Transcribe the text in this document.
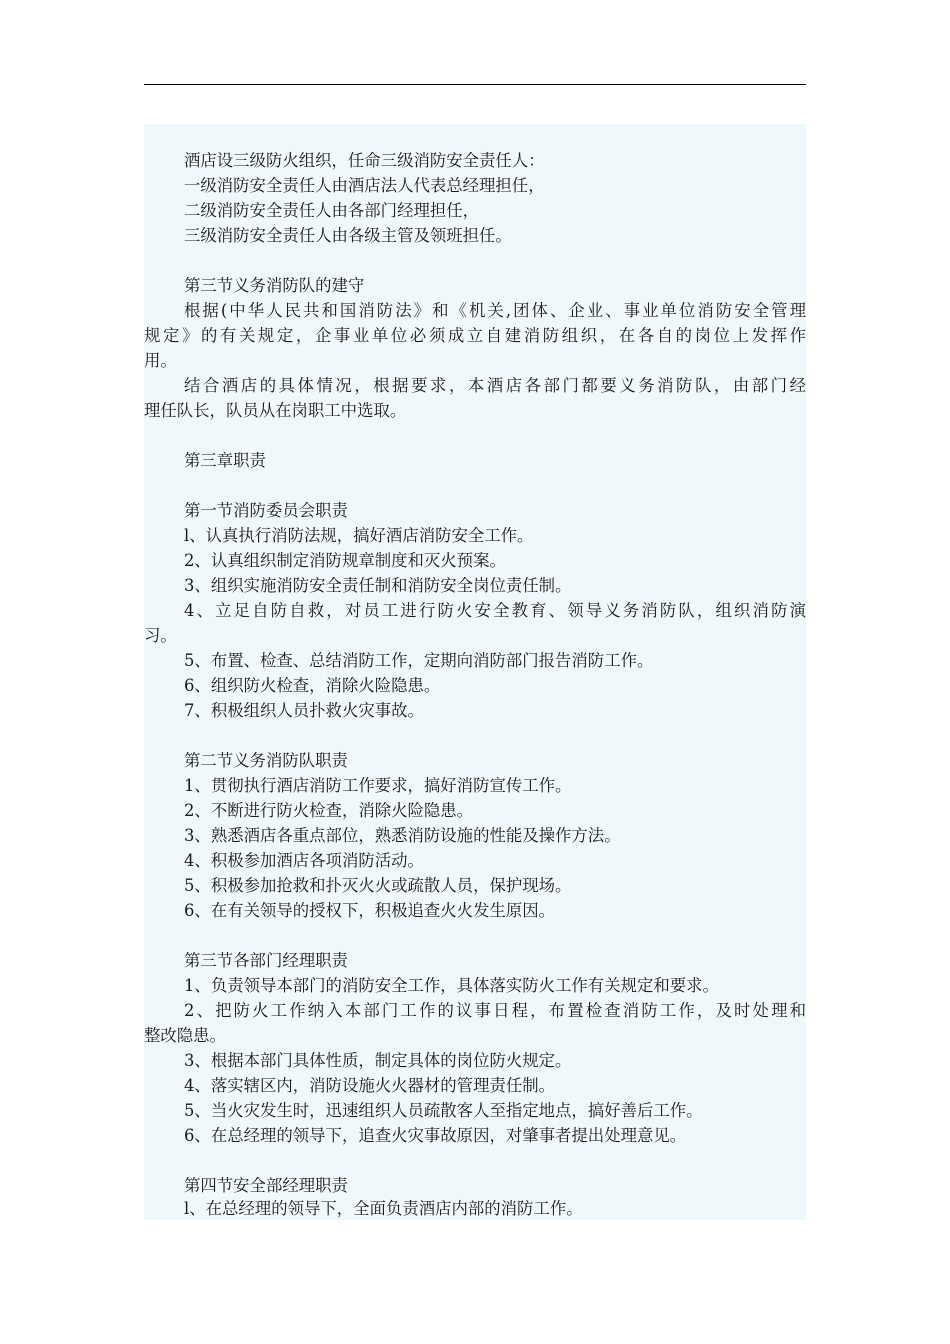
酒店设三级防火组织，任命三级消防安全责任人：
一级消防安全责任人由酒店法人代表总经理担任，
二级消防安全责任人由各部门经理担任，
三级消防安全责任人由各级主管及领班担任。
第三节义务消防队的建守
根据(中华人民共和国消防法》和《机关,团体、企业、事业单位消防安全管理
规定》的有关规定，企事业单位必须成立自建消防组织，在各自的岗位上发挥作
用。
结合酒店的具体情况，根据要求，本酒店各部门都要义务消防队，由部门经
理任队长，队员从在岗职工中选取。
第三章职责
第一节消防委员会职责
l、认真执行消防法规，搞好酒店消防安全工作。
2、认真组织制定消防规章制度和灭火预案。
3、组织实施消防安全责任制和消防安全岗位责任制。
4、立足自防自救，对员工进行防火安全教育、领导义务消防队，组织消防演
习。
5、布置、检查、总结消防工作，定期向消防部门报告消防工作。
6、组织防火检查，消除火险隐患。
7、积极组织人员扑救火灾事故。
第二节义务消防队职责
1、贯彻执行酒店消防工作要求，搞好消防宣传工作。
2、不断进行防火检查，消除火险隐患。
3、熟悉酒店各重点部位，熟悉消防设施的性能及操作方法。
4、积极参加酒店各项消防活动。
5、积极参加抢救和扑灭火火或疏散人员，保护现场。
6、在有关领导的授权下，积极追查火火发生原因。
第三节各部门经理职责
1、负责领导本部门的消防安全工作，具体落实防火工作有关规定和要求。
2、把防火工作纳入本部门工作的议事日程，布置检查消防工作，及时处理和
整改隐患。
3、根据本部门具体性质，制定具体的岗位防火规定。
4、落实辖区内，消防设施火火器材的管理责任制。
5、当火灾发生时，迅速组织人员疏散客人至指定地点，搞好善后工作。
6、在总经理的领导下，追查火灾事故原因，对肇事者提出处理意见。
第四节安全部经理职责
l、在总经理的领导下，全面负责酒店内部的消防工作。
